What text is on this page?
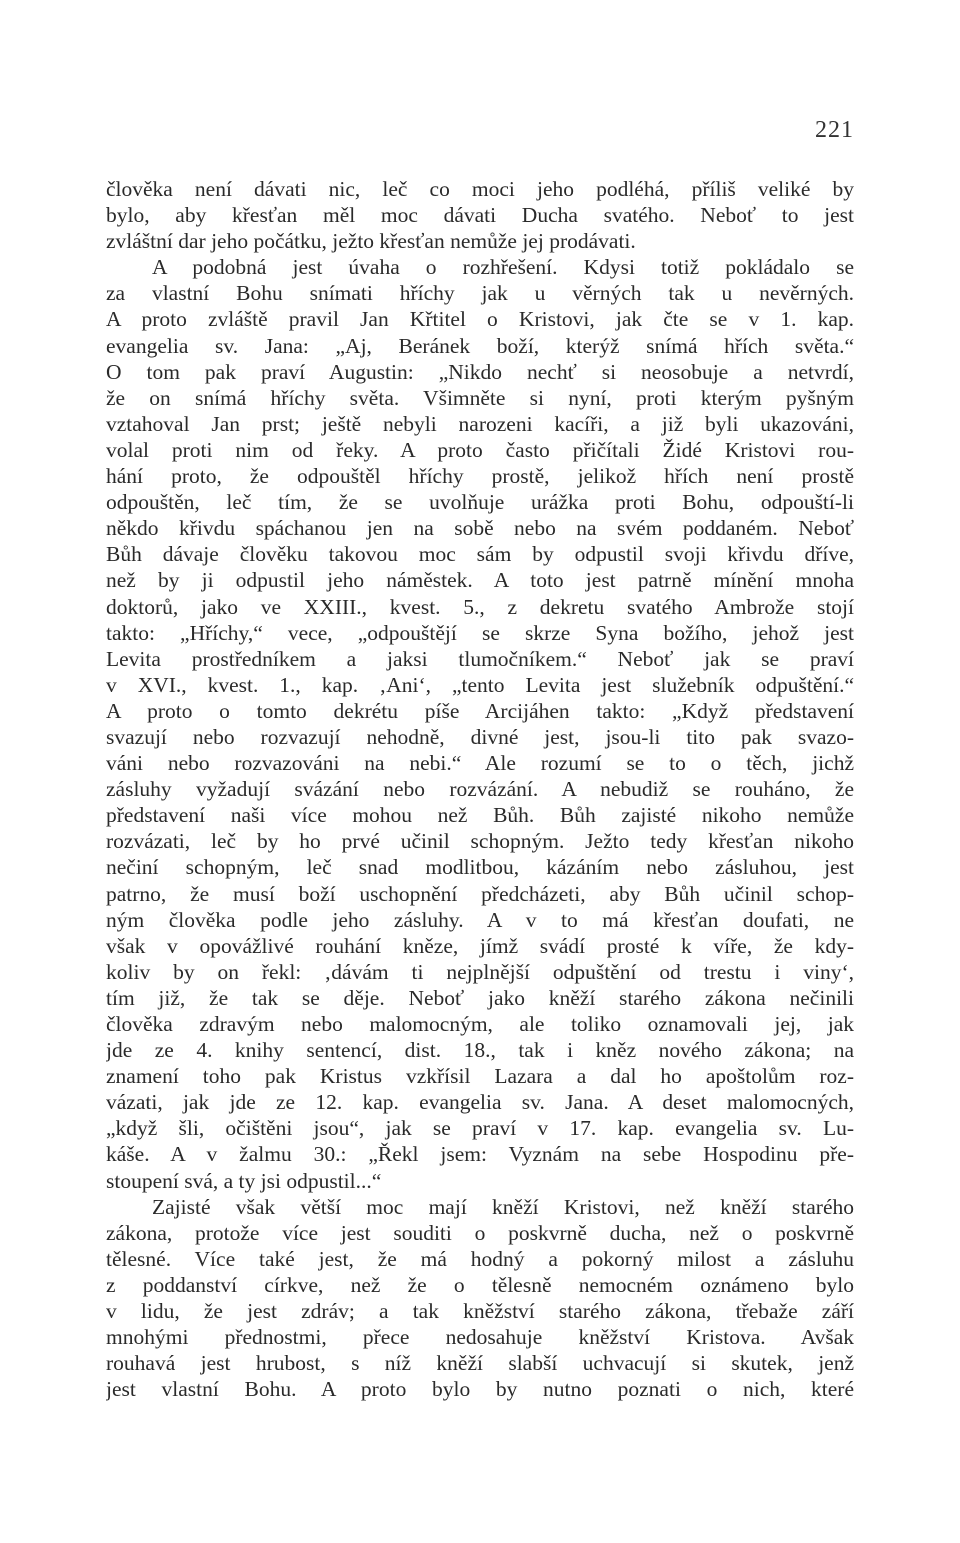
221
člověka není dávati nic, leč co moci jeho podléhá, příliš veliké by
bylo, aby křesťan měl moc dávati Ducha svatého. Neboť to jest
zvláštní dar jeho počátku, ježto křesťan nemůže jej prodávati.
A podobná jest úvaha o rozhřešení. Kdysi totiž pokládalo se
za vlastní Bohu snímati hříchy jak u věrných tak u nevěrných.
A proto zvláště pravil Jan Křtitel o Kristovi, jak čte se v 1. kap.
evangelia sv. Jana: „Aj, Beránek boží, kterýž snímá hřích světa.“
O tom pak praví Augustin: „Nikdo nechť si neosobuje a netvrdí,
že on snímá hříchy světa. Všimněte si nyní, proti kterým pyšným
vztahoval Jan prst; ještě nebyli narozeni kacíři, a již byli ukazováni,
volal proti nim od řeky. A proto často přičítali Židé Kristovi rou-
hání proto, že odpouštěl hříchy prostě, jelikož hřích není prostě
odpouštěn, leč tím, že se uvolňuje urážka proti Bohu, odpouští-li
někdo křivdu spáchanou jen na sobě nebo na svém poddaném. Neboť
Bůh dávaje člověku takovou moc sám by odpustil svoji křivdu dříve,
než by ji odpustil jeho náměstek. A toto jest patrně mínění mnoha
doktorů, jako ve XXIII., kvest. 5., z dekretu svatého Ambrože stojí
takto: „Hříchy,“ vece, „odpouštějí se skrze Syna božího, jehož jest
Levita prostředníkem a jaksi tlumočníkem.“ Neboť jak se praví
v XVI., kvest. 1., kap. ‚Ani‘, „tento Levita jest služebník odpuštění.“
A proto o tomto dekrétu píše Arcijáhen takto: „Když představení
svazují nebo rozvazují nehodně, divné jest, jsou-li tito pak svazo-
váni nebo rozvazováni na nebi.“ Ale rozumí se to o těch, jichž
zásluhy vyžadují svázání nebo rozvázání. A nebudiž se rouháno, že
představení naši více mohou než Bůh. Bůh zajisté nikoho nemůže
rozvázati, leč by ho prvé učinil schopným. Ježto tedy křesťan nikoho
nečiní schopným, leč snad modlitbou, kázáním nebo zásluhou, jest
patrno, že musí boží uschopnění předcházeti, aby Bůh učinil schop-
ným člověka podle jeho zásluhy. A v to má křesťan doufati, ne
však v opovážlivé rouhání kněze, jímž svádí prosté k víře, že kdy-
koliv by on řekl: ‚dávám ti nejplnější odpuštění od trestu i viny‘,
tím již, že tak se děje. Neboť jako kněží starého zákona nečinili
člověka zdravým nebo malomocným, ale toliko oznamovali jej, jak
jde ze 4. knihy sentencí, dist. 18., tak i kněz nového zákona; na
znamení toho pak Kristus vzkřísil Lazara a dal ho apoštolům roz-
vázati, jak jde ze 12. kap. evangelia sv. Jana. A deset malomocných,
„když šli, očištěni jsou“, jak se praví v 17. kap. evangelia sv. Lu-
káše. A v žalmu 30.: „Řekl jsem: Vyznám na sebe Hospodinu pře-
stoupení svá, a ty jsi odpustil...“
Zajisté však větší moc mají kněží Kristovi, než kněží starého
zákona, protože více jest souditi o poskvrně ducha, než o poskvrně
tělesné. Více také jest, že má hodný a pokorný milost a zásluhu
z poddanství církve, než že o tělesně nemocném oznámeno bylo
v lidu, že jest zdráv; a tak kněžství starého zákona, třebaže září
mnohými přednostmi, přece nedosahuje kněžství Kristova. Avšak
rouhavá jest hrubost, s níž kněží slabší uchvacují si skutek, jenž
jest vlastní Bohu. A proto bylo by nutno poznati o nich, které
